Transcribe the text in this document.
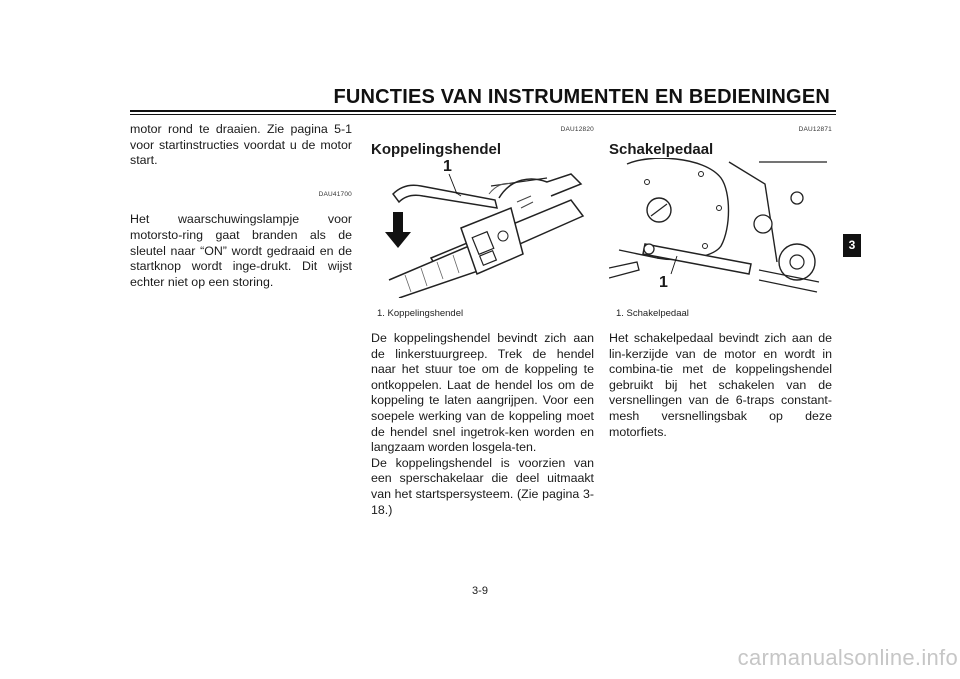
FUNCTIES VAN INSTRUMENTEN EN BEDIENINGEN

motor rond te draaien. Zie pagina 5-1 voor startinstructies voordat u de motor start.

DAU41700

Het waarschuwingslampje voor motorsto-ring gaat branden als de sleutel naar “ON” wordt gedraaid en de startknop wordt inge-drukt. Dit wijst echter niet op een storing.

DAU12820
Koppelingshendel
1
1. Koppelingshendel

De koppelingshendel bevindt zich aan de linkerstuurgreep. Trek de hendel naar het stuur toe om de koppeling te ontkoppelen. Laat de hendel los om de koppeling te laten aangrijpen. Voor een soepele werking van de koppeling moet de hendel snel ingetrok-ken worden en langzaam worden losgela-ten.

De koppelingshendel is voorzien van een sperschakelaar die deel uitmaakt van het startspersysteem. (Zie pagina 3-18.)

DAU12871
Schakelpedaal
1
1. Schakelpedaal

Het schakelpedaal bevindt zich aan de lin-kerzijde van de motor en wordt in combina-tie met de koppelingshendel gebruikt bij het schakelen van de versnellingen van de 6-traps constant-mesh versnellingsbak op deze motorfiets.

3
3-9
carmanualsonline.info
